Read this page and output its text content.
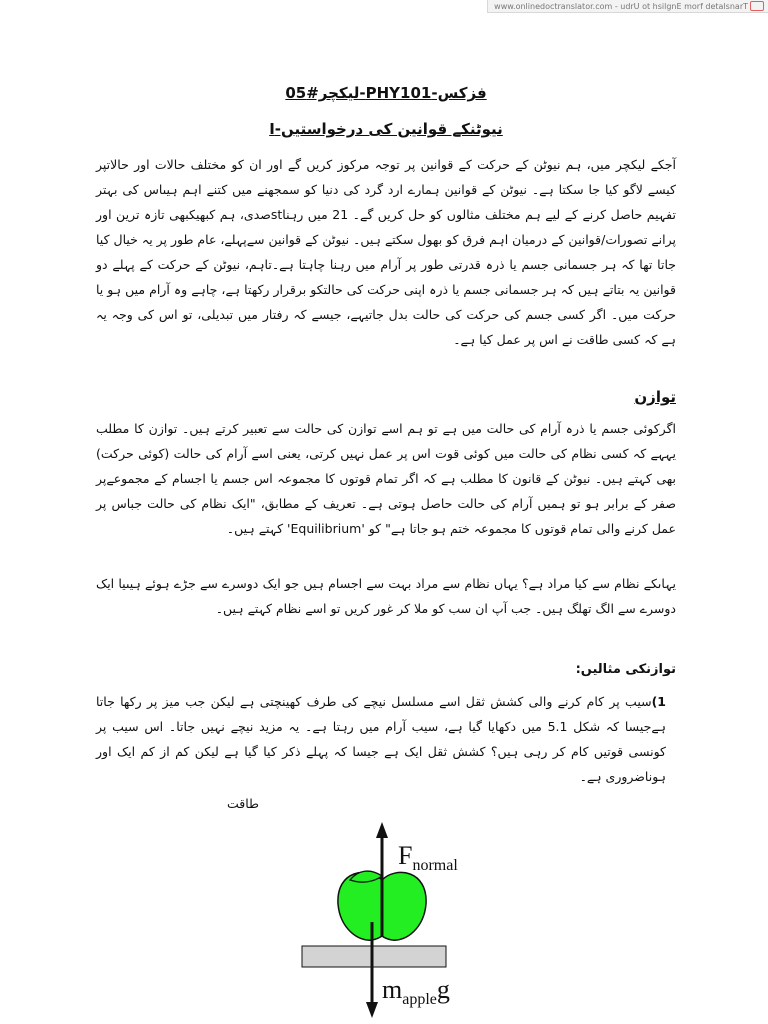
www.onlinedoctranslator.com - udrU ot hsilgnE morf detalsnarT
فزکس-PHY101-لیکچر#05
نیوٹنکے قوانین کی درخواستیں-I

آجکے لیکچر میں، ہم نیوٹن کے حرکت کے قوانین پر توجہ مرکوز کریں گے اور ان کو مختلف حالات اور حالاتپر کیسے لاگو کیا جا سکتا ہے۔ نیوٹن کے قوانین ہمارے ارد گرد کی دنیا کو سمجھنے میں کتنے اہم ہیںاس کی بہتر تفہیم حاصل کرنے کے لیے ہم مختلف مثالوں کو حل کریں گے۔ 21 میں رہناstصدی، ہم کبھیکبھی تازہ ترین اور پرانے تصورات/قوانین کے درمیان اہم فرق کو بھول سکتے ہیں۔ نیوٹن کے قوانین سےپہلے، عام طور پر یہ خیال کیا جاتا تھا کہ ہر جسمانی جسم یا ذرہ قدرتی طور پر آرام میں رہنا چاہتا ہے۔تاہم، نیوٹن کے حرکت کے پہلے دو قوانین یہ بتاتے ہیں کہ ہر جسمانی جسم یا ذرہ اپنی حرکت کی حالتکو برقرار رکھتا ہے، چاہے وہ آرام میں ہو یا حرکت میں۔ اگر کسی جسم کی حرکت کی حالت بدل جاتیہے، جیسے کہ رفتار میں تبدیلی، تو اس کی وجہ یہ ہے کہ کسی طاقت نے اس پر عمل کیا ہے۔

توازن

اگرکوئی جسم یا ذرہ آرام کی حالت میں ہے تو ہم اسے توازن کی حالت سے تعبیر کرتے ہیں۔ توازن کا مطلب یہہے کہ کسی نظام کی حالت میں کوئی قوت اس پر عمل نہیں کرتی، یعنی اسے آرام کی حالت (کوئی حرکت) بھی کہتے ہیں۔ نیوٹن کے قانون کا مطلب ہے کہ اگر تمام قوتوں کا مجموعہ اس جسم یا اجسام کے مجموعےپر صفر کے برابر ہو تو ہمیں آرام کی حالت حاصل ہوتی ہے۔ تعریف کے مطابق، "ایک نظام کی حالت جباس پر عمل کرنے والی تمام قوتوں کا مجموعہ ختم ہو جاتا ہے" کو 'Equilibrium' کہتے ہیں۔

یہاںکے نظام سے کیا مراد ہے؟ یہاں نظام سے مراد بہت سے اجسام ہیں جو ایک دوسرے سے جڑے ہوئے ہیںیا ایک دوسرے سے الگ تھلگ ہیں۔ جب آپ ان سب کو ملا کر غور کریں تو اسے نظام کہتے ہیں۔

توازنکی مثالیں:

1)سیب پر کام کرنے والی کشش ثقل اسے مسلسل نیچے کی طرف کھینچتی ہے لیکن جب میز پر رکھا جاتا ہےجیسا کہ شکل 5.1 میں دکھایا گیا ہے، سیب آرام میں رہتا ہے۔ یہ مزید نیچے نہیں جاتا۔ اس سیب پر کونسی قوتیں کام کر رہی ہیں؟ کشش ثقل ایک ہے جیسا کہ پہلے ذکر کیا گیا ہے لیکن کم از کم ایک اور ہوناضروری ہے۔

طاقت
$F_{normal}$
$m_{apple}g$
